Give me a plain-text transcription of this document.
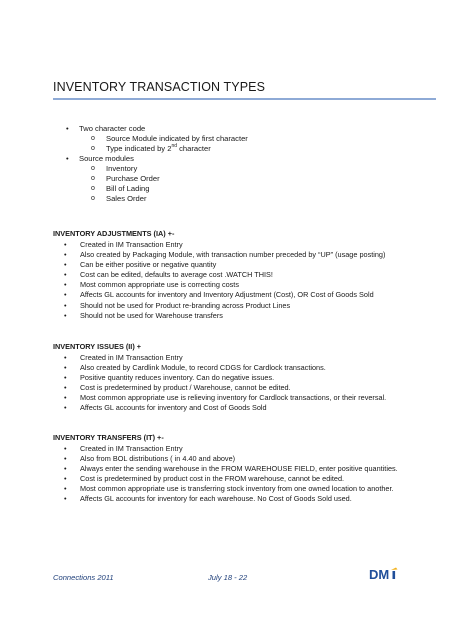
INVENTORY TRANSACTION TYPES
• Two character code
o Source Module indicated by first character
o Type indicated by 2nd character
• Source modules
o Inventory
o Purchase Order
o Bill of Lading
o Sales Order
INVENTORY ADJUSTMENTS (IA) +-
• Created in IM Transaction Entry
• Also created by Packaging Module, with transaction number preceded by “UP” (usage posting)
• Can be either positive or negative quantity
• Cost can be edited, defaults to average cost .WATCH THIS!
• Most common appropriate use is correcting costs
• Affects GL accounts for inventory and Inventory Adjustment (Cost), OR Cost of Goods Sold
• Should not be used for Product re-branding across Product Lines
• Should not be used for Warehouse transfers
INVENTORY ISSUES (II) +
• Created in IM Transaction Entry
• Also created by Cardlink Module, to record CDGS for Cardlock transactions.
• Positive quantity reduces inventory. Can do negative issues.
• Cost is predetermined by product / Warehouse, cannot be edited.
• Most common appropriate use is relieving inventory for Cardlock transactions, or their reversal.
• Affects GL accounts for inventory and Cost of Goods Sold
INVENTORY TRANSFERS (IT) +-
• Created in IM Transaction Entry
• Also from BOL distributions ( in 4.40 and above)
• Always enter the sending warehouse in the FROM WAREHOUSE FIELD, enter positive quantities.
• Cost is predetermined by product cost in the FROM warehouse, cannot be edited.
• Most common appropriate use is transferring stock inventory from one owned location to another.
• Affects GL accounts for inventory for each warehouse. No Cost of Goods Sold used.
Connections 2011	July 18 - 22	DM
